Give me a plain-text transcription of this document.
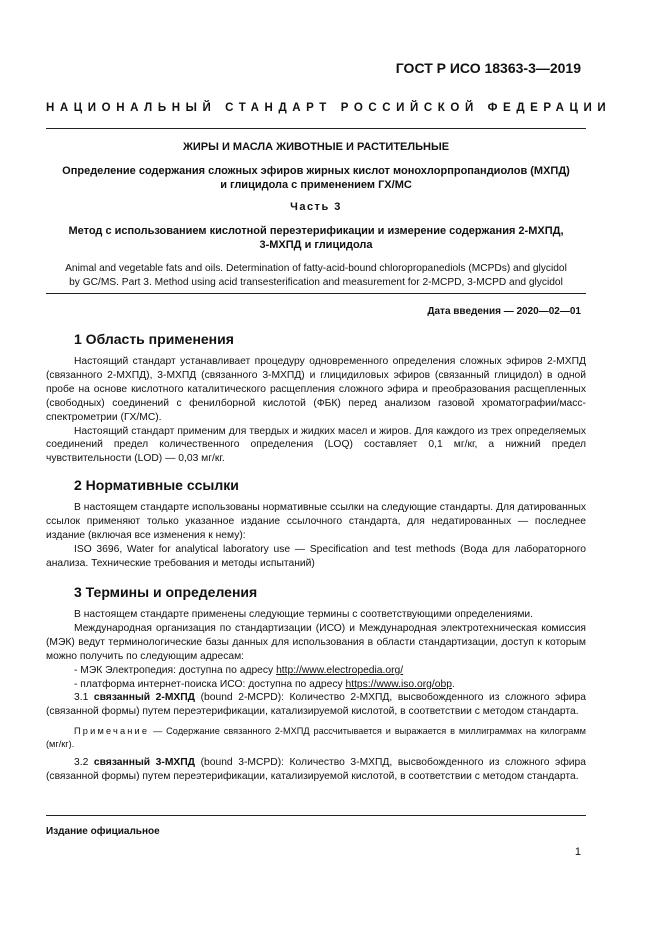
ГОСТ Р ИСО 18363-3—2019
НАЦИОНАЛЬНЫЙ СТАНДАРТ РОССИЙСКОЙ ФЕДЕРАЦИИ
ЖИРЫ И МАСЛА ЖИВОТНЫЕ И РАСТИТЕЛЬНЫЕ
Определение содержания сложных эфиров жирных кислот монохлорпропандиолов (МХПД)
и глицидола с применением ГХ/МС
Часть 3
Метод с использованием кислотной переэтерификации и измерение содержания 2-МХПД,
3-МХПД и глицидола
Animal and vegetable fats and oils. Determination of fatty-acid-bound chloropropanediols (MCPDs) and glycidol
by GC/MS. Part 3. Method using acid transesterification and measurement for 2-MCPD, 3-MCPD and glycidol
Дата введения — 2020—02—01
1 Область применения

Настоящий стандарт устанавливает процедуру одновременного определения сложных эфиров 2-МХПД (связанного 2-МХПД), 3-МХПД (связанного 3-МХПД) и глицидиловых эфиров (связанный глицидол) в одной пробе на основе кислотного каталитического расщепления сложного эфира и преобразования расщепленных (свободных) соединений с фенилборной кислотой (ФБК) перед анализом газовой хроматографии/масс-спектрометрии (ГХ/МС).

Настоящий стандарт применим для твердых и жидких масел и жиров. Для каждого из трех определяемых соединений предел количественного определения (LOQ) составляет 0,1 мг/кг, а нижний предел чувствительности (LOD) — 0,03 мг/кг.

2 Нормативные ссылки

В настоящем стандарте использованы нормативные ссылки на следующие стандарты. Для датированных ссылок применяют только указанное издание ссылочного стандарта, для недатированных — последнее издание (включая все изменения к нему):

ISO 3696, Water for analytical laboratory use — Specification and test methods (Вода для лабораторного анализа. Технические требования и методы испытаний)

3 Термины и определения

В настоящем стандарте применены следующие термины с соответствующими определениями.

Международная организация по стандартизации (ИСО) и Международная электротехническая комиссия (МЭК) ведут терминологические базы данных для использования в области стандартизации, доступ к которым можно получить по следующим адресам:

- МЭК Электропедия: доступна по адресу http://www.electropedia.org/

- платформа интернет-поиска ИСО: доступна по адресу https://www.iso.org/obp.

3.1 связанный 2-МХПД (bound 2-MCPD): Количество 2-МХПД, высвобожденного из сложного эфира (связанной формы) путем переэтерификации, катализируемой кислотой, в соответствии с методом стандарта.

Примечание — Содержание связанного 2-МХПД рассчитывается и выражается в миллиграммах на килограмм (мг/кг).

3.2 связанный 3-МХПД (bound 3-MCPD): Количество 3-МХПД, высвобожденного из сложного эфира (связанной формы) путем переэтерификации, катализируемой кислотой, в соответствии с методом стандарта.

Издание официальное
1
